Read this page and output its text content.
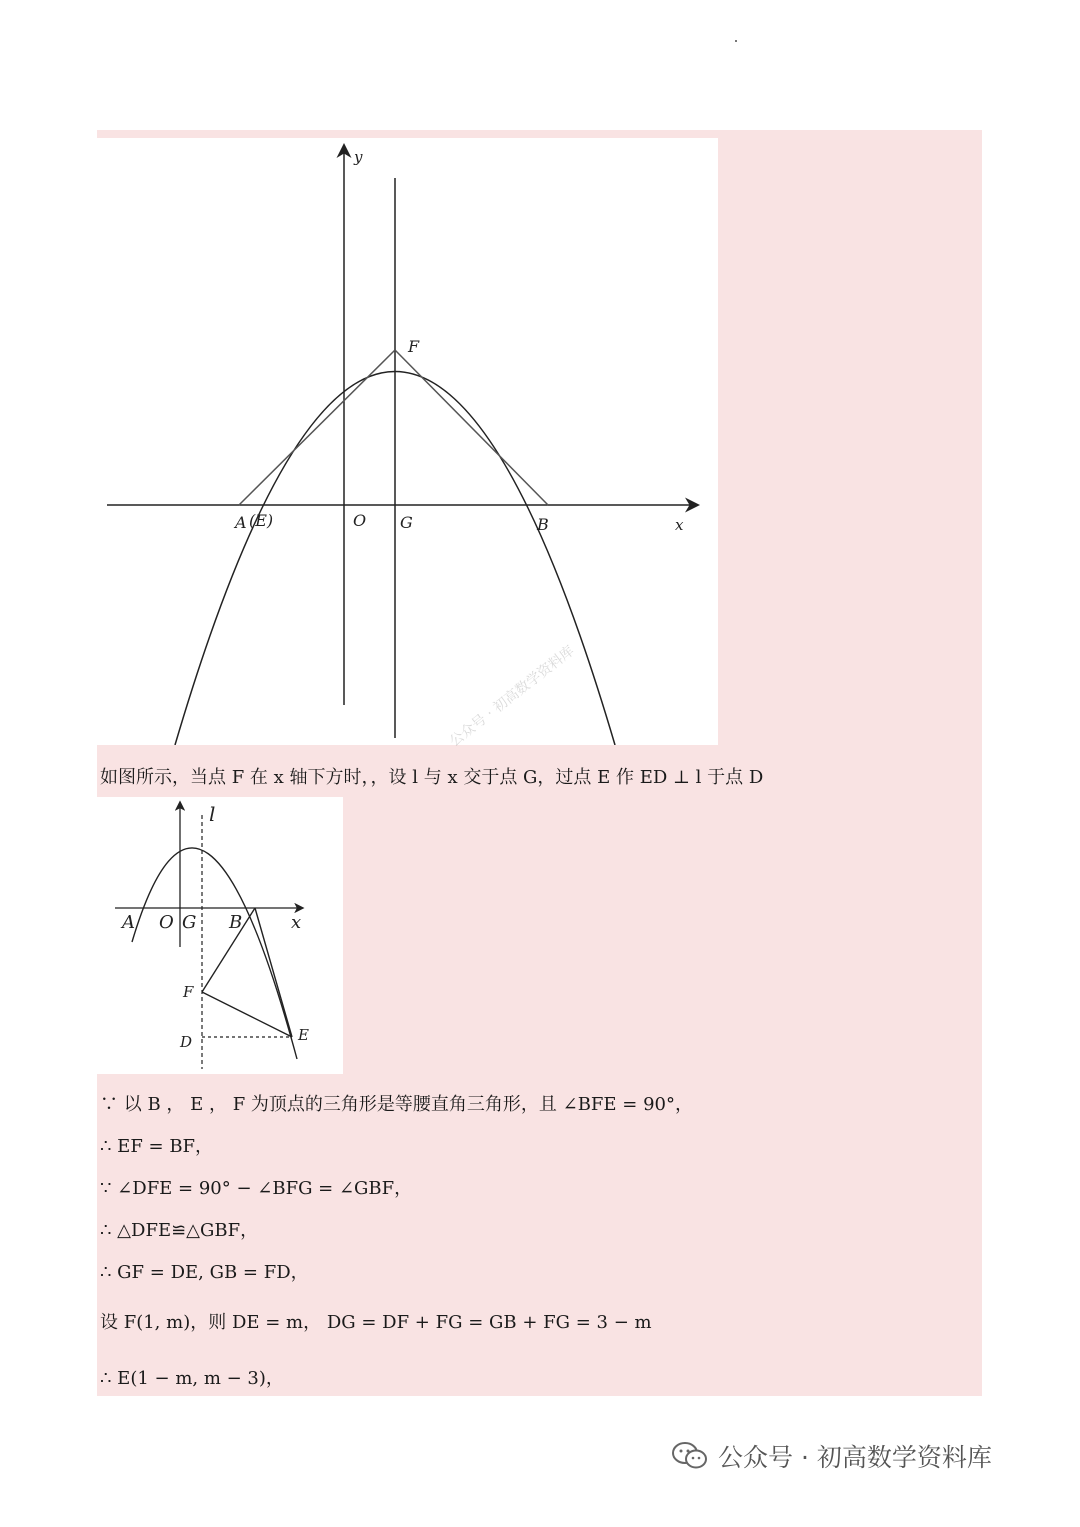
y
F
A (E)	O G	B	x
如图所示，当点 F 在 x 轴下方时，，设 l 与 x 交于点 G，过点 E 作 ED ⊥ l 于点 D
公众号 · 初高数学资料库
l
A O G B	x
F
D	E
∵ 以 B ， E ， F 为顶点的三角形是等腰直角三角形，且 ∠BFE = 90°，
∴ EF = BF，
∵ ∠DFE = 90° − ∠BFG = ∠GBF，
∴ △DFE≌△GBF，
∴ GF = DE, GB = FD，
设 F(1, m)，则 DE = m， DG = DF + FG = GB + FG = 3 − m
∴ E(1 − m, m − 3)，
公众号 · 初高数学资料库
